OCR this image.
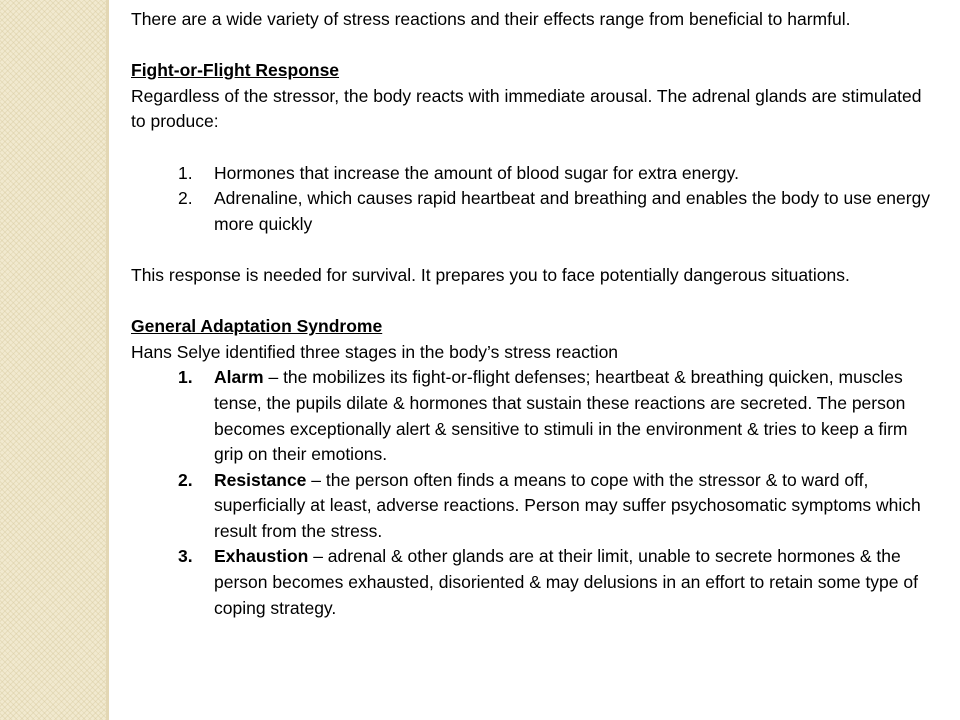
There are a wide variety of stress reactions and their effects range from beneficial to harmful.

Fight-or-Flight Response

Regardless of the stressor, the body reacts with immediate arousal. The adrenal glands are stimulated to produce:

1. Hormones that increase the amount of blood sugar for extra energy.
2. Adrenaline, which causes rapid heartbeat and breathing and enables the body to use energy more quickly

This response is needed for survival. It prepares you to face potentially dangerous situations.

General Adaptation Syndrome

Hans Selye identified three stages in the body’s stress reaction

1. Alarm – the mobilizes its fight-or-flight defenses; heartbeat & breathing quicken, muscles tense, the pupils dilate & hormones that sustain these reactions are secreted. The person becomes exceptionally alert & sensitive to stimuli in the environment & tries to keep a firm grip on their emotions.
2. Resistance – the person often finds a means to cope with the stressor & to ward off, superficially at least, adverse reactions. Person may suffer psychosomatic symptoms which result from the stress.
3. Exhaustion – adrenal & other glands are at their limit, unable to secrete hormones & the person becomes exhausted, disoriented & may delusions in an effort to retain some type of coping strategy.
